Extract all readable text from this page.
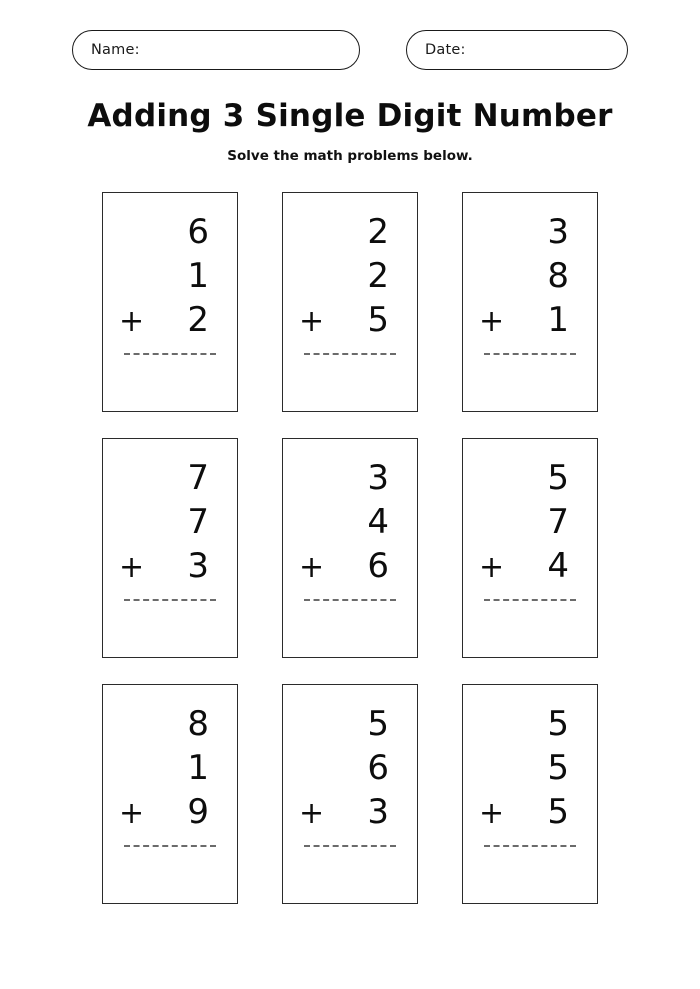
Name:	Date:
Adding 3 Single Digit Number
Solve the math problems below.
6
1
+ 2
2
2
+ 5
3
8
+ 1
7
7
+ 3
3
4
+ 6
5
7
+ 4
8
1
+ 9
5
6
+ 3
5
5
+ 5
